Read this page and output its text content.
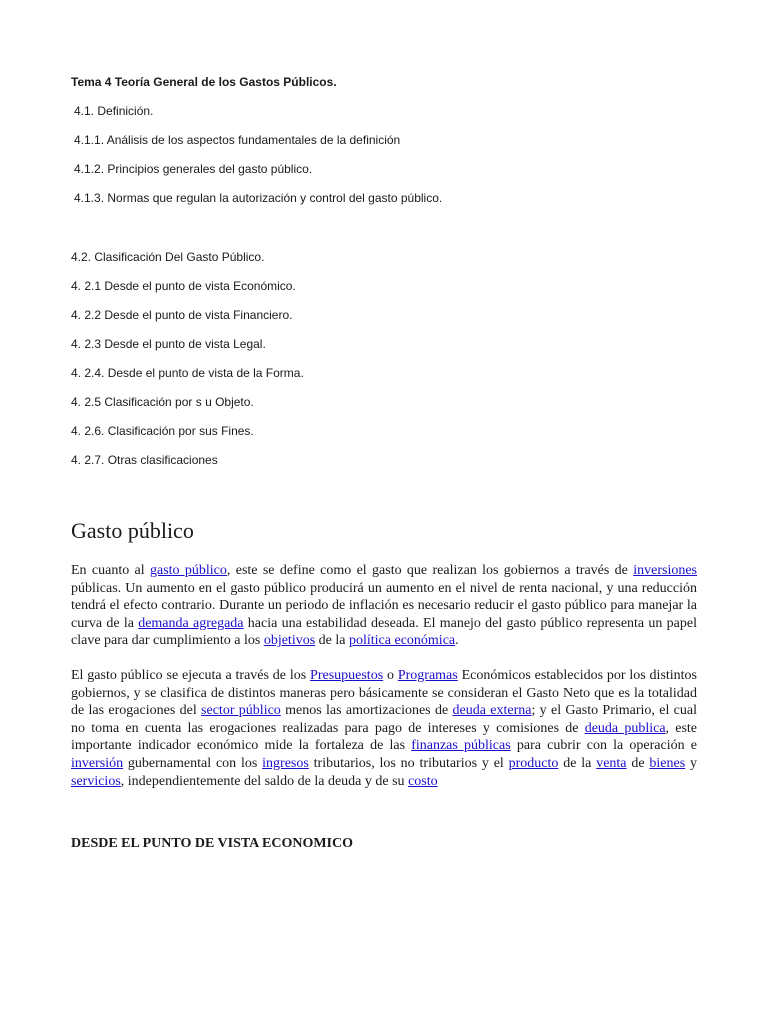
Tema 4 Teoría General de los Gastos Públicos.
4.1. Definición.
4.1.1. Análisis de los aspectos fundamentales de la definición
4.1.2. Principios generales del gasto público.
4.1.3. Normas que regulan la autorización y control del gasto público.
4.2. Clasificación Del Gasto Público.
4. 2.1 Desde el punto de vista Económico.
4. 2.2 Desde el punto de vista Financiero.
4. 2.3 Desde el punto de vista Legal.
4. 2.4. Desde el punto de vista de la Forma.
4. 2.5 Clasificación por s u Objeto.
4. 2.6. Clasificación por sus Fines.
4. 2.7. Otras clasificaciones
Gasto público

En cuanto al gasto público, este se define como el gasto que realizan los gobiernos a través de inversiones públicas. Un aumento en el gasto público producirá un aumento en el nivel de renta nacional, y una reducción tendrá el efecto contrario. Durante un periodo de inflación es necesario reducir el gasto público para manejar la curva de la demanda agregada hacia una estabilidad deseada. El manejo del gasto público representa un papel clave para dar cumplimiento a los objetivos de la política económica.

El gasto público se ejecuta a través de los Presupuestos o Programas Económicos establecidos por los distintos gobiernos, y se clasifica de distintos maneras pero básicamente se consideran el Gasto Neto que es la totalidad de las erogaciones del sector público menos las amortizaciones de deuda externa; y el Gasto Primario, el cual no toma en cuenta las erogaciones realizadas para pago de intereses y comisiones de deuda publica, este importante indicador económico mide la fortaleza de las finanzas públicas para cubrir con la operación e inversión gubernamental con los ingresos tributarios, los no tributarios y el producto de la venta de bienes y servicios, independientemente del saldo de la deuda y de su costo

DESDE EL PUNTO DE VISTA ECONOMICO
